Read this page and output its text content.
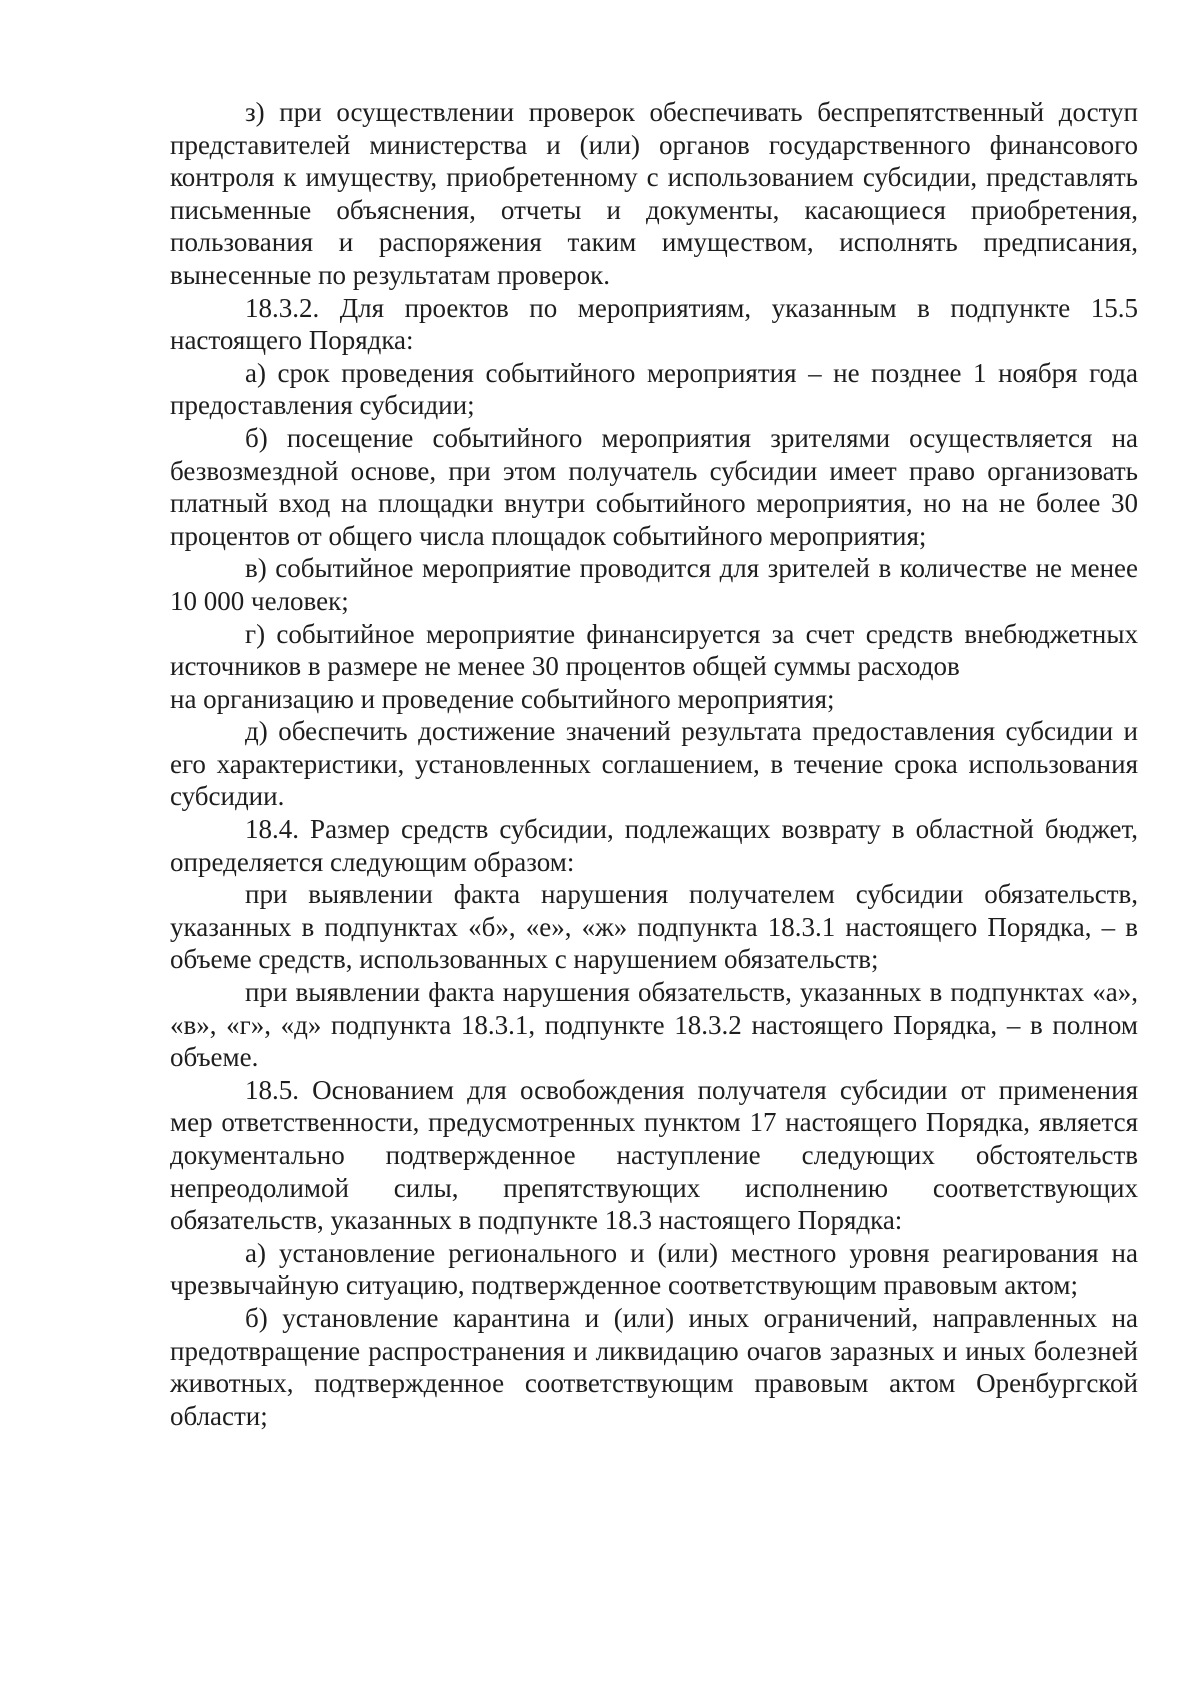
з) при осуществлении проверок обеспечивать беспрепятственный доступ представителей министерства и (или) органов государственного финансового контроля к имуществу, приобретенному с использованием субсидии, представлять письменные объяснения, отчеты и документы, касающиеся приобретения, пользования и распоряжения таким имуществом, исполнять предписания, вынесенные по результатам проверок.

18.3.2. Для проектов по мероприятиям, указанным в подпункте 15.5 настоящего Порядка:

а) срок проведения событийного мероприятия – не позднее 1 ноября года предоставления субсидии;

б) посещение событийного мероприятия зрителями осуществляется на безвозмездной основе, при этом получатель субсидии имеет право организовать платный вход на площадки внутри событийного мероприятия, но на не более 30 процентов от общего числа площадок событийного мероприятия;

в) событийное мероприятие проводится для зрителей в количестве не менее 10 000 человек;

г) событийное мероприятие финансируется за счет средств внебюджетных источников в размере не менее 30 процентов общей суммы расходов

на организацию и проведение событийного мероприятия;

д) обеспечить достижение значений результата предоставления субсидии и его характеристики, установленных соглашением, в течение срока использования субсидии.

18.4. Размер средств субсидии, подлежащих возврату в областной бюджет, определяется следующим образом:

при выявлении факта нарушения получателем субсидии обязательств, указанных в подпунктах «б», «е», «ж» подпункта 18.3.1 настоящего Порядка, – в объеме средств, использованных с нарушением обязательств;

при выявлении факта нарушения обязательств, указанных в подпунктах «а», «в», «г», «д» подпункта 18.3.1, подпункте 18.3.2 настоящего Порядка, – в полном объеме.

18.5. Основанием для освобождения получателя субсидии от применения мер ответственности, предусмотренных пунктом 17 настоящего Порядка, является документально подтвержденное наступление следующих обстоятельств непреодолимой силы, препятствующих исполнению соответствующих обязательств, указанных в подпункте 18.3 настоящего Порядка:

а) установление регионального и (или) местного уровня реагирования на чрезвычайную ситуацию, подтвержденное соответствующим правовым актом;

б) установление карантина и (или) иных ограничений, направленных на предотвращение распространения и ликвидацию очагов заразных и иных болезней животных, подтвержденное соответствующим правовым актом Оренбургской области;
